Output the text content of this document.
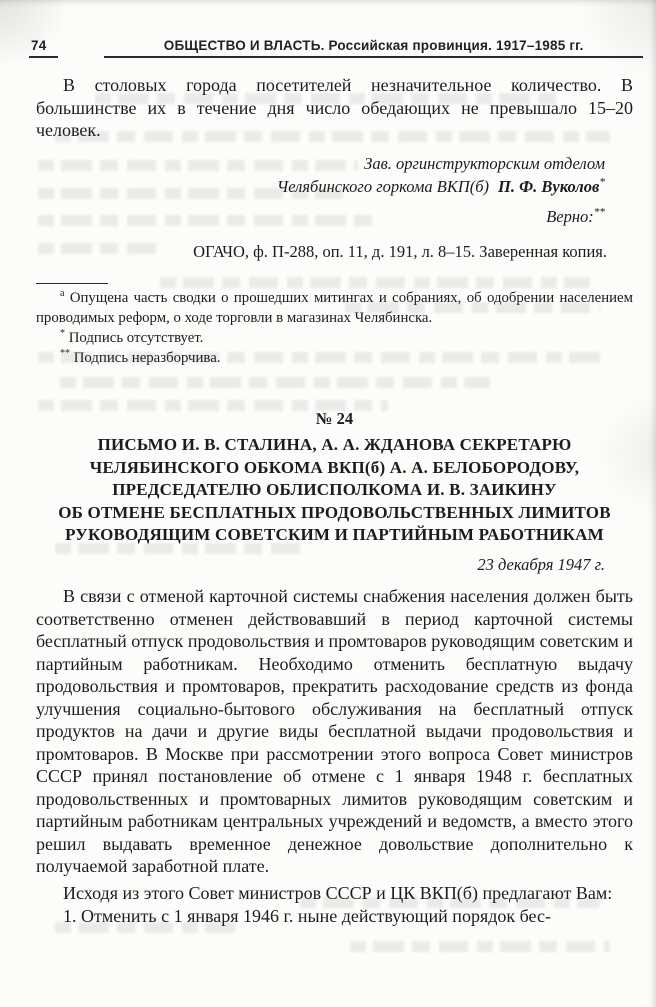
74	ОБЩЕСТВО И ВЛАСТЬ. Российская провинция. 1917–1985 гг.

В столовых города посетителей незначительное количество. В большинстве их в течение дня число обедающих не превышало 15–20 человек.

Зав. оргинструкторским отделом
Челябинского горкома ВКП(б) П. Ф. Вуколов*
Верно:**
ОГАЧО, ф. П-288, оп. 11, д. 191, л. 8–15. Заверенная копия.

$^а$ Опущена часть сводки о прошедших митингах и собраниях, об одобрении населением проводимых реформ, о ходе торговли в магазинах Челябинска.

* Подпись отсутствует.

** Подпись неразборчива.

№ 24
ПИСЬМО И. В. СТАЛИНА, А. А. ЖДАНОВА СЕКРЕТАРЮ
ЧЕЛЯБИНСКОГО ОБКОМА ВКП(б) А. А. БЕЛОБОРОДОВУ,
ПРЕДСЕДАТЕЛЮ ОБЛИСПОЛКОМА И. В. ЗАИКИНУ
ОБ ОТМЕНЕ БЕСПЛАТНЫХ ПРОДОВОЛЬСТВЕННЫХ ЛИМИТОВ
РУКОВОДЯЩИМ СОВЕТСКИМ И ПАРТИЙНЫМ РАБОТНИКАМ
23 декабря 1947 г.

В связи с отменой карточной системы снабжения населения должен быть соответственно отменен действовавший в период карточной системы бесплатный отпуск продовольствия и промтоваров руководящим советским и партийным работникам. Необходимо отменить бесплатную выдачу продовольствия и промтоваров, прекратить расходование средств из фонда улучшения социально-бытового обслуживания на бесплатный отпуск продуктов на дачи и другие виды бесплатной выдачи продовольствия и промтоваров. В Москве при рассмотрении этого вопроса Совет министров СССР принял постановление об отмене с 1 января 1948 г. бесплатных продовольственных и промтоварных лимитов руководящим советским и партийным работникам центральных учреждений и ведомств, а вместо этого решил выдавать временное денежное довольствие дополнительно к получаемой заработной плате.

Исходя из этого Совет министров СССР и ЦК ВКП(б) предлагают Вам:

1. Отменить с 1 января 1946 г. ныне действующий порядок бес-
